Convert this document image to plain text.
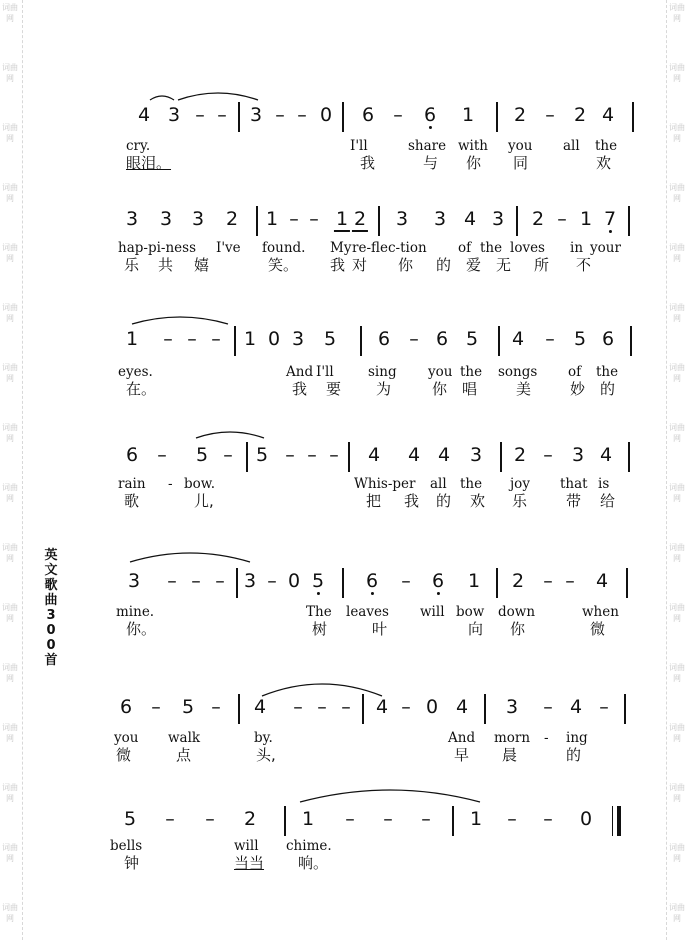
词曲网
词曲网
词曲网
词曲网
词曲网
词曲网
词曲网
词曲网
词曲网
词曲网
词曲网
词曲网
词曲网
词曲网
词曲网
词曲网
词曲网
词曲网
词曲网
词曲网
词曲网
词曲网
词曲网
词曲网
词曲网
词曲网
词曲网
词曲网
词曲网
词曲网
词曲网
词曲网
英文歌曲300首
4 3 – – 3 – – 0 6 – 6 1 2 – 2 4
cry.	I'll	share with you all the
眼泪。	我	与 你 同	欢
3 3 3 2 1 – – 1 2 3 3 4 3 2 – 1 7
hap-pi-ness I've found. My re-flec-tion of the loves in your
乐 共 嬉	笑。 我 对 你 的 爱 无 所 不
1 – – – 1 0 3 5 6 – 6 5 4 – 5 6
eyes.	And I'll	sing you the songs of the
在。	我 要 为	你 唱	美	妙 的
6 – 5 – 5 – – – 4 4 4 3 2 – 3 4
rain - bow.	Whis-per all the joy that is
歌	儿,	把 我 的 欢 乐	带 给
3 – – – 3 – 0 5 6 – 6 1 2 – – 4
mine.	The leaves will bow down	when
你。	树	叶	向 你	微
6 – 5 – 4 – – – 4 – 0 4 3 – 4 –
you walk	by.	And morn - ing
微	点	头,	早 晨	的
5 – – 2 1 – – – 1 – – 0
bells	will chime.
钟	当当 响。
